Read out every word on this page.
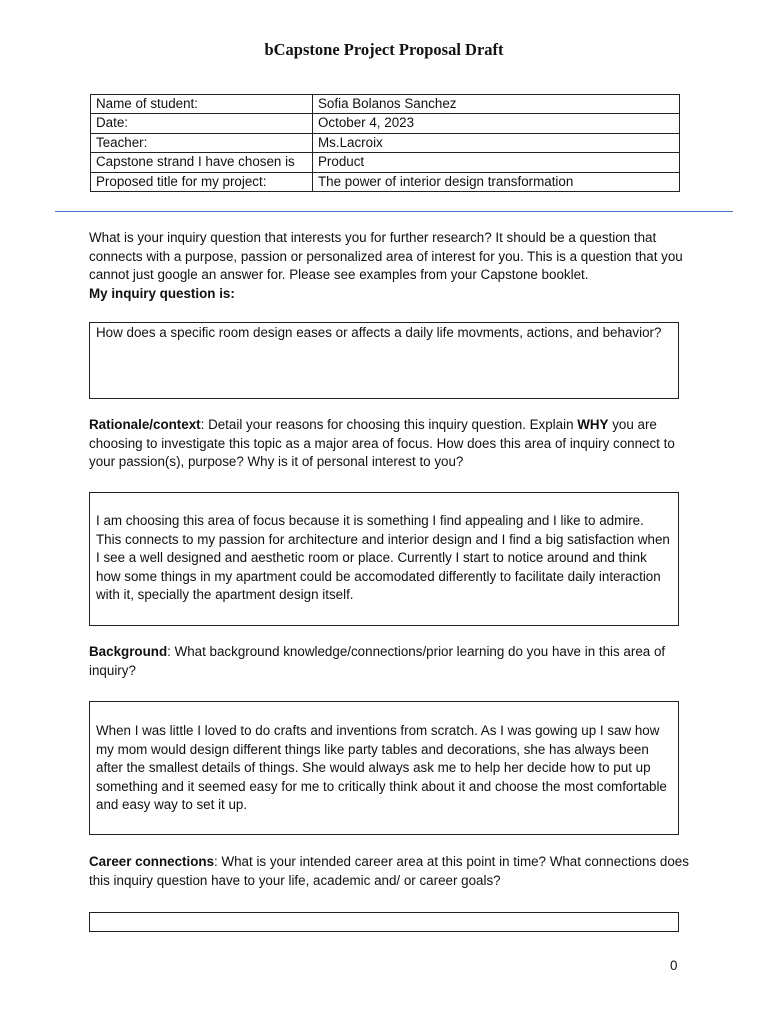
bCapstone Project Proposal Draft
Name of student:	Sofia Bolanos Sanchez
Date:	October 4, 2023
Teacher:	Ms.Lacroix
Capstone strand I have chosen is	Product
Proposed title for my project:	The power of interior design transformation
What is your inquiry question that interests you for further research? It should be a question that connects with a purpose, passion or personalized area of interest for you. This is a question that you cannot just google an answer for. Please see examples from your Capstone booklet.
My inquiry question is:
How does a specific room design eases or affects a daily life movments, actions, and behavior?
Rationale/context: Detail your reasons for choosing this inquiry question. Explain WHY you are choosing to investigate this topic as a major area of focus. How does this area of inquiry connect to your passion(s), purpose? Why is it of personal interest to you?
I am choosing this area of focus because it is something I find appealing and I like to admire. This connects to my passion for architecture and interior design and I find a big satisfaction when I see a well designed and aesthetic room or place. Currently I start to notice around and think how some things in my apartment could be accomodated differently to facilitate daily interaction with it, specially the apartment design itself.
Background: What background knowledge/connections/prior learning do you have in this area of inquiry?
When I was little I loved to do crafts and inventions from scratch. As I was gowing up I saw how my mom would design different things like party tables and decorations, she has always been after the smallest details of things. She would always ask me to help her decide how to put up something and it seemed easy for me to critically think about it and choose the most comfortable and easy way to set it up.
Career connections: What is your intended career area at this point in time? What connections does this inquiry question have to your life, academic and/ or career goals?
0
